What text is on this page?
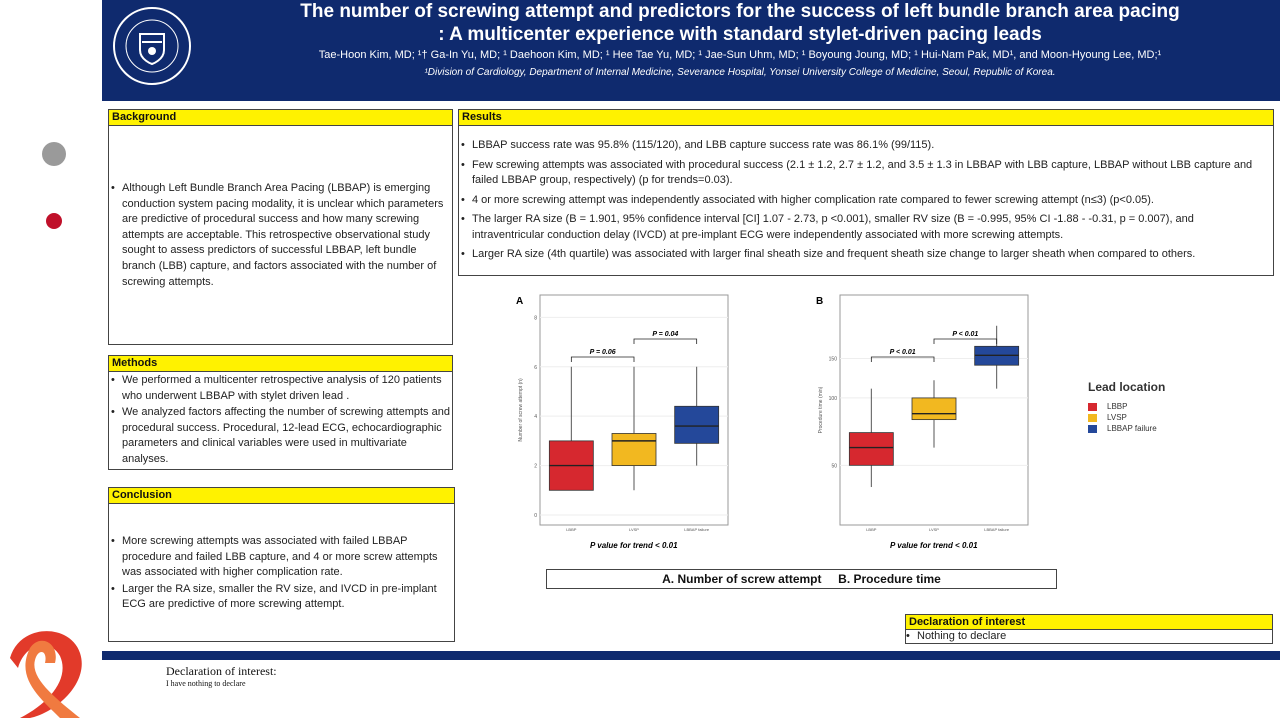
The number of screwing attempt and predictors for the success of left bundle branch area pacing
: A multicenter experience with standard stylet-driven pacing leads
Tae-Hoon Kim, MD; ¹† Ga-In Yu, MD; ¹ Daehoon Kim, MD; ¹ Hee Tae Yu, MD; ¹ Jae-Sun Uhm, MD; ¹ Boyoung Joung, MD; ¹ Hui-Nam Pak, MD¹, and Moon-Hyoung Lee, MD;¹
¹Division of Cardiology, Department of Internal Medicine, Severance Hospital, Yonsei University College of Medicine, Seoul, Republic of Korea.
Background
• Although Left Bundle Branch Area Pacing (LBBAP) is emerging conduction system pacing modality, it is unclear which parameters are predictive of procedural success and how many screwing attempts are acceptable. This retrospective observational study sought to assess predictors of successful LBBAP, left bundle branch (LBB) capture, and factors associated with the number of screwing attempts.
Methods
• We performed a multicenter retrospective analysis of 120 patients who underwent LBBAP with stylet driven lead .
• We analyzed factors affecting the number of screwing attempts and procedural success. Procedural, 12-lead ECG, echocardiographic parameters and clinical variables were used in multivariate analyses.
Conclusion
• More screwing attempts was associated with failed LBBAP procedure and failed LBB capture, and 4 or more screw attempts was associated with higher complication rate.
• Larger the RA size, smaller the RV size, and IVCD in pre-implant ECG are predictive of more screwing attempt.
Results
• LBBAP success rate was 95.8% (115/120), and LBB capture success rate was 86.1% (99/115).
• Few screwing attempts was associated with procedural success (2.1 ± 1.2, 2.7 ± 1.2, and 3.5 ± 1.3 in LBBAP with LBB capture, LBBAP without LBB capture and failed LBBAP group, respectively) (p for trends=0.03).
• 4 or more screwing attempt was independently associated with higher complication rate compared to fewer screwing attempt (n≤3) (p<0.05).
• The larger RA size (B = 1.901, 95% confidence interval [CI] 1.07 - 2.73, p <0.001), smaller RV size (B = -0.995, 95% CI -1.88 - -0.31, p = 0.007), and intraventricular conduction delay (IVCD) at pre-implant ECG were independently associated with more screwing attempts.
• Larger RA size (4th quartile) was associated with larger final sheath size and frequent sheath size change to larger sheath when compared to others.
A
0
2
4
6
8
Number of screw attempt (n)
LBBP	LVSP	LBBAP failure
P = 0.06
P = 0.04
P value for trend < 0.01
B
50
100
150
Procedure time (min)
LBBP	LVSP	LBBAP failure
P < 0.01
P < 0.01
P value for trend < 0.01
Lead location
LBBP
LVSP
LBBAP failure
A. Number of screw attempt     B. Procedure time
Declaration of interest
• Nothing to declare
Declaration of interest:
I have nothing to declare
